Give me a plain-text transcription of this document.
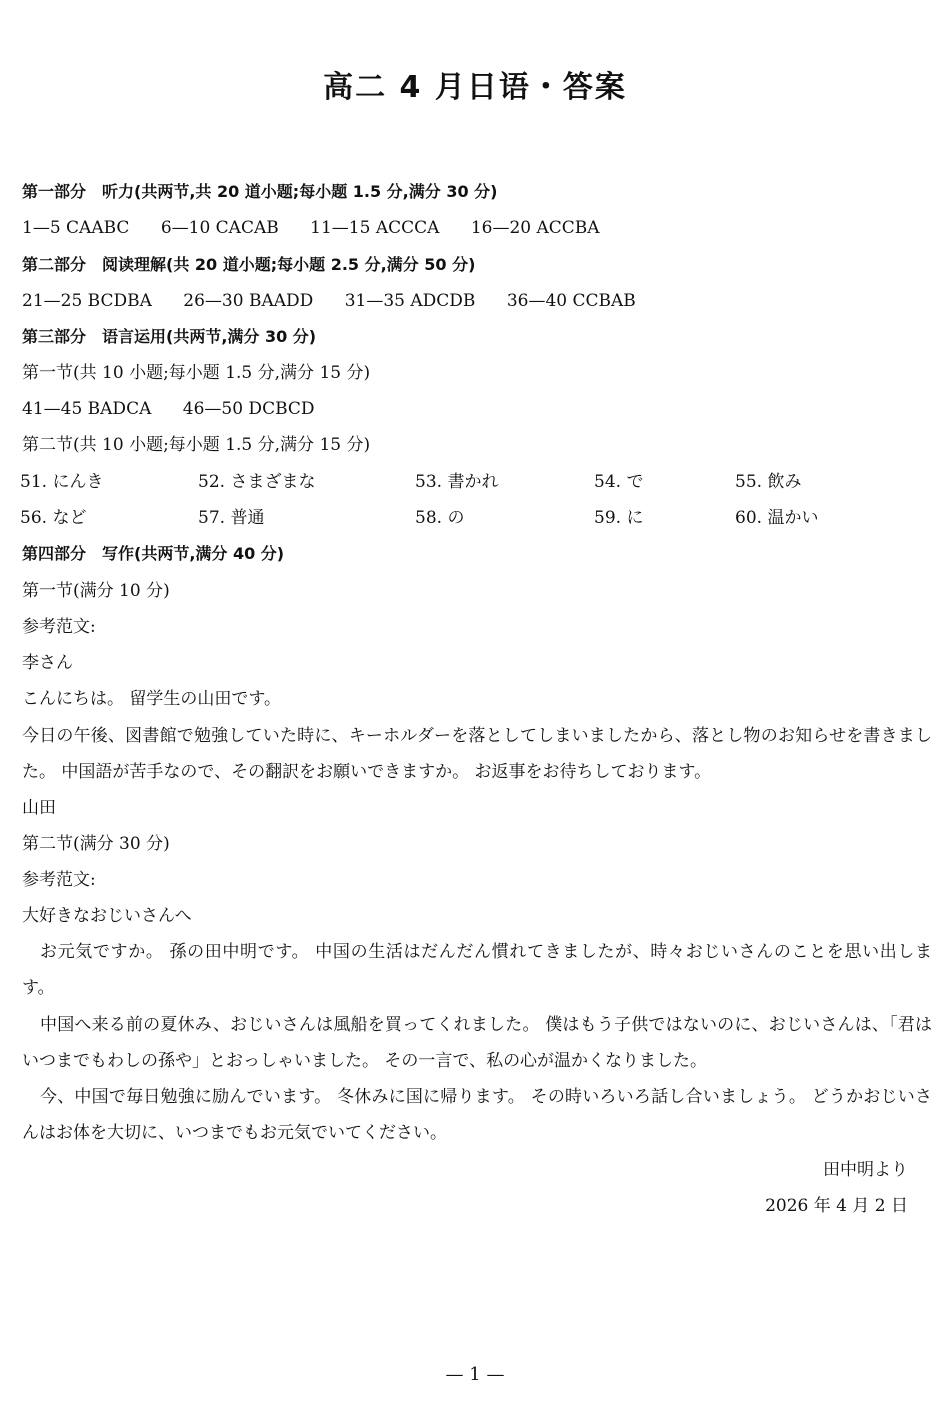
高二 4 月日语・答案
第一部分　听力(共两节,共 20 道小题;每小题 1.5 分,满分 30 分)
1—5 CAABC 6—10 CACAB 11—15 ACCCA 16—20 ACCBA
第二部分　阅读理解(共 20 道小题;每小题 2.5 分,满分 50 分)
21—25 BCDBA 26—30 BAADD 31—35 ADCDB 36—40 CCBAB
第三部分　语言运用(共两节,满分 30 分)
第一节(共 10 小题;每小题 1.5 分,满分 15 分)
41—45 BADCA 46—50 DCBCD
第二节(共 10 小题;每小题 1.5 分,满分 15 分)
51. にんき	52. さまざまな	53. 書かれ	54. で	55. 飲み
56. など	57. 普通	58. の	59. に	60. 温かい
第四部分　写作(共两节,满分 40 分)
第一节(满分 10 分)
参考范文:
李さん
こんにちは。 留学生の山田です。
今日の午後、図書館で勉強していた時に、キーホルダーを落としてしまいましたから、落とし物のお知らせを書きました。 中国語が苦手なので、その翻訳をお願いできますか。 お返事をお待ちしております。
山田
第二节(满分 30 分)
参考范文:
大好きなおじいさんへ
お元気ですか。 孫の田中明です。 中国の生活はだんだん慣れてきましたが、時々おじいさんのことを思い出します。
中国へ来る前の夏休み、おじいさんは風船を買ってくれました。 僕はもう子供ではないのに、おじいさんは、「君はいつまでもわしの孫や」とおっしゃいました。 その一言で、私の心が温かくなりました。
今、中国で毎日勉強に励んでいます。 冬休みに国に帰ります。 その時いろいろ話し合いましょう。 どうかおじいさんはお体を大切に、いつまでもお元気でいてください。
田中明より
2026 年 4 月 2 日
— 1 —
